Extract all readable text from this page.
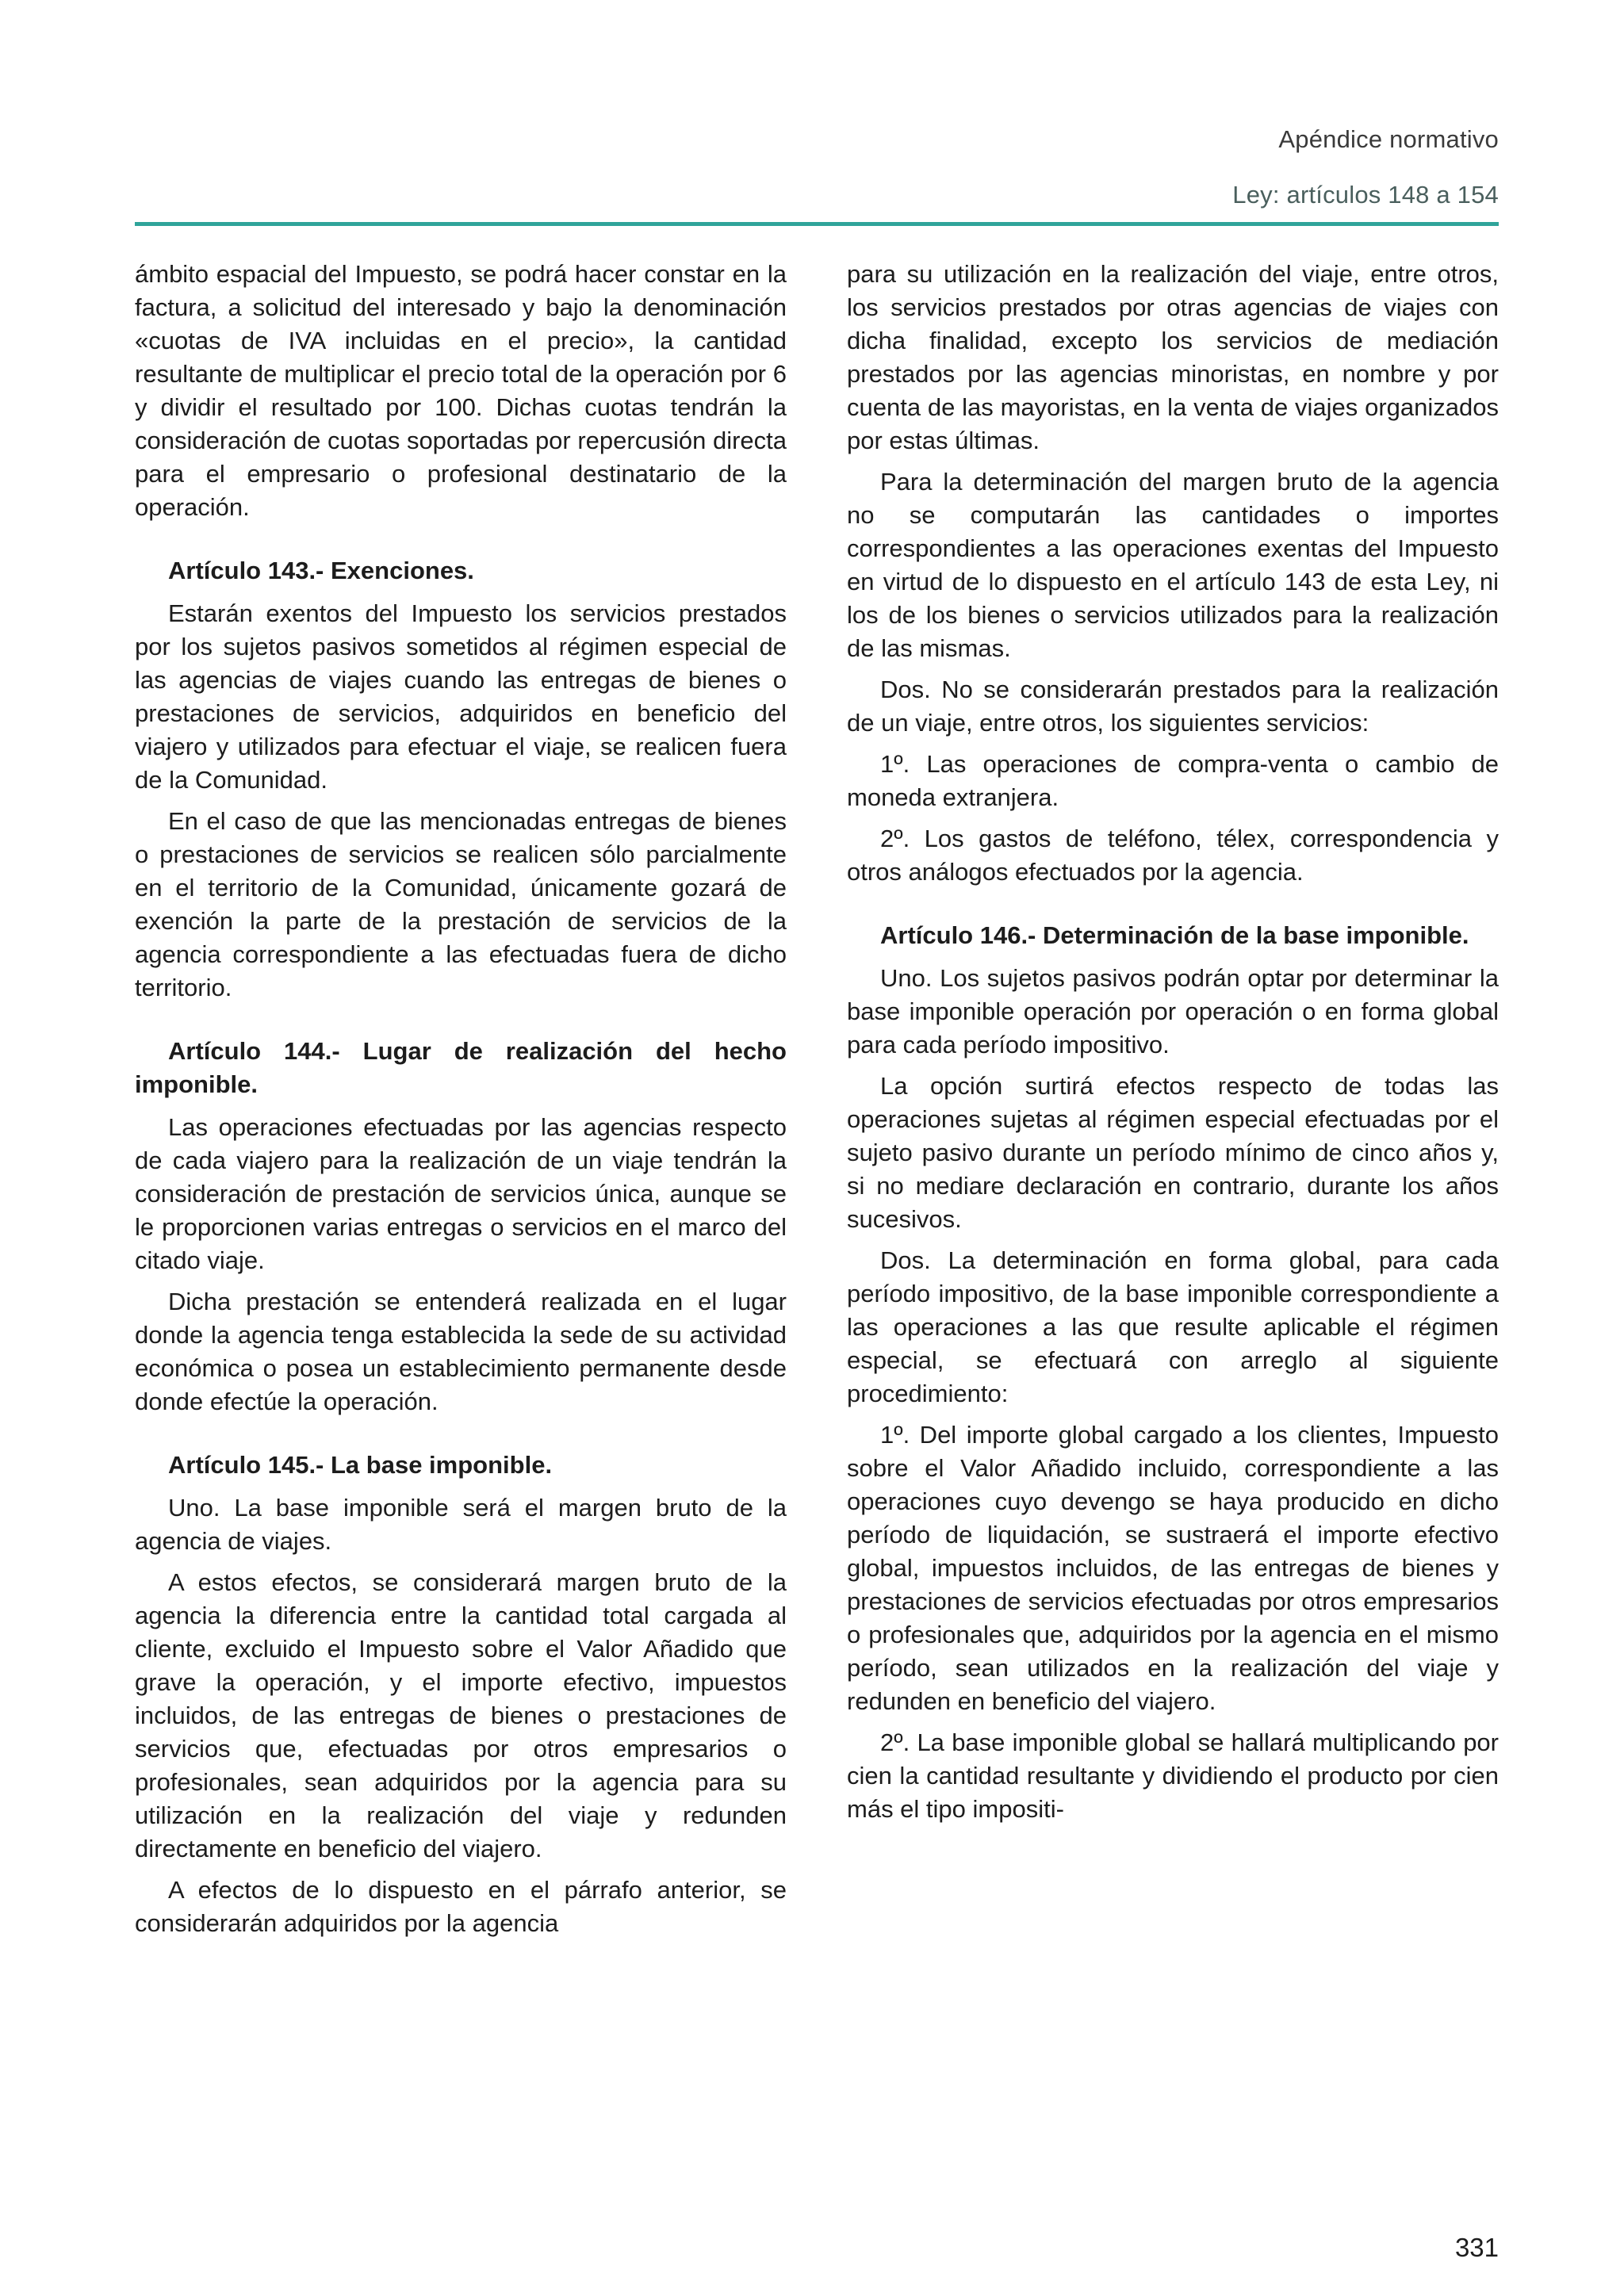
Apéndice normativo
Ley: artículos 148 a 154

ámbito espacial del Impuesto, se podrá hacer constar en la factura, a solicitud del interesado y bajo la denominación «cuotas de IVA incluidas en el precio», la cantidad resultante de multiplicar el precio total de la operación por 6 y dividir el resultado por 100. Dichas cuotas tendrán la consideración de cuotas soportadas por repercusión directa para el empresario o profesional destinatario de la operación.

Artículo 143.- Exenciones.

Estarán exentos del Impuesto los servicios prestados por los sujetos pasivos sometidos al régimen especial de las agencias de viajes cuando las entregas de bienes o prestaciones de servicios, adquiridos en beneficio del viajero y utilizados para efectuar el viaje, se realicen fuera de la Comunidad.

En el caso de que las mencionadas entregas de bienes o prestaciones de servicios se realicen sólo parcialmente en el territorio de la Comunidad, únicamente gozará de exención la parte de la prestación de servicios de la agencia correspondiente a las efectuadas fuera de dicho territorio.

Artículo 144.- Lugar de realización del hecho imponible.

Las operaciones efectuadas por las agencias respecto de cada viajero para la realización de un viaje tendrán la consideración de prestación de servicios única, aunque se le proporcionen varias entregas o servicios en el marco del citado viaje.

Dicha prestación se entenderá realizada en el lugar donde la agencia tenga establecida la sede de su actividad económica o posea un establecimiento permanente desde donde efectúe la operación.

Artículo 145.- La base imponible.

Uno. La base imponible será el margen bruto de la agencia de viajes.

A estos efectos, se considerará margen bruto de la agencia la diferencia entre la cantidad total cargada al cliente, excluido el Impuesto sobre el Valor Añadido que grave la operación, y el importe efectivo, impuestos incluidos, de las entregas de bienes o prestaciones de servicios que, efectuadas por otros empresarios o profesionales, sean adquiridos por la agencia para su utilización en la realización del viaje y redunden directamente en beneficio del viajero.

A efectos de lo dispuesto en el párrafo anterior, se considerarán adquiridos por la agencia

para su utilización en la realización del viaje, entre otros, los servicios prestados por otras agencias de viajes con dicha finalidad, excepto los servicios de mediación prestados por las agencias minoristas, en nombre y por cuenta de las mayoristas, en la venta de viajes organizados por estas últimas.

Para la determinación del margen bruto de la agencia no se computarán las cantidades o importes correspondientes a las operaciones exentas del Impuesto en virtud de lo dispuesto en el artículo 143 de esta Ley, ni los de los bienes o servicios utilizados para la realización de las mismas.

Dos. No se considerarán prestados para la realización de un viaje, entre otros, los siguientes servicios:

1º. Las operaciones de compra-venta o cambio de moneda extranjera.

2º. Los gastos de teléfono, télex, correspondencia y otros análogos efectuados por la agencia.

Artículo 146.- Determinación de la base imponible.

Uno. Los sujetos pasivos podrán optar por determinar la base imponible operación por operación o en forma global para cada período impositivo.

La opción surtirá efectos respecto de todas las operaciones sujetas al régimen especial efectuadas por el sujeto pasivo durante un período mínimo de cinco años y, si no mediare declaración en contrario, durante los años sucesivos.

Dos. La determinación en forma global, para cada período impositivo, de la base imponible correspondiente a las operaciones a las que resulte aplicable el régimen especial, se efectuará con arreglo al siguiente procedimiento:

1º. Del importe global cargado a los clientes, Impuesto sobre el Valor Añadido incluido, correspondiente a las operaciones cuyo devengo se haya producido en dicho período de liquidación, se sustraerá el importe efectivo global, impuestos incluidos, de las entregas de bienes y prestaciones de servicios efectuadas por otros empresarios o profesionales que, adquiridos por la agencia en el mismo período, sean utilizados en la realización del viaje y redunden en beneficio del viajero.

2º. La base imponible global se hallará multiplicando por cien la cantidad resultante y dividiendo el producto por cien más el tipo impositi-

331
